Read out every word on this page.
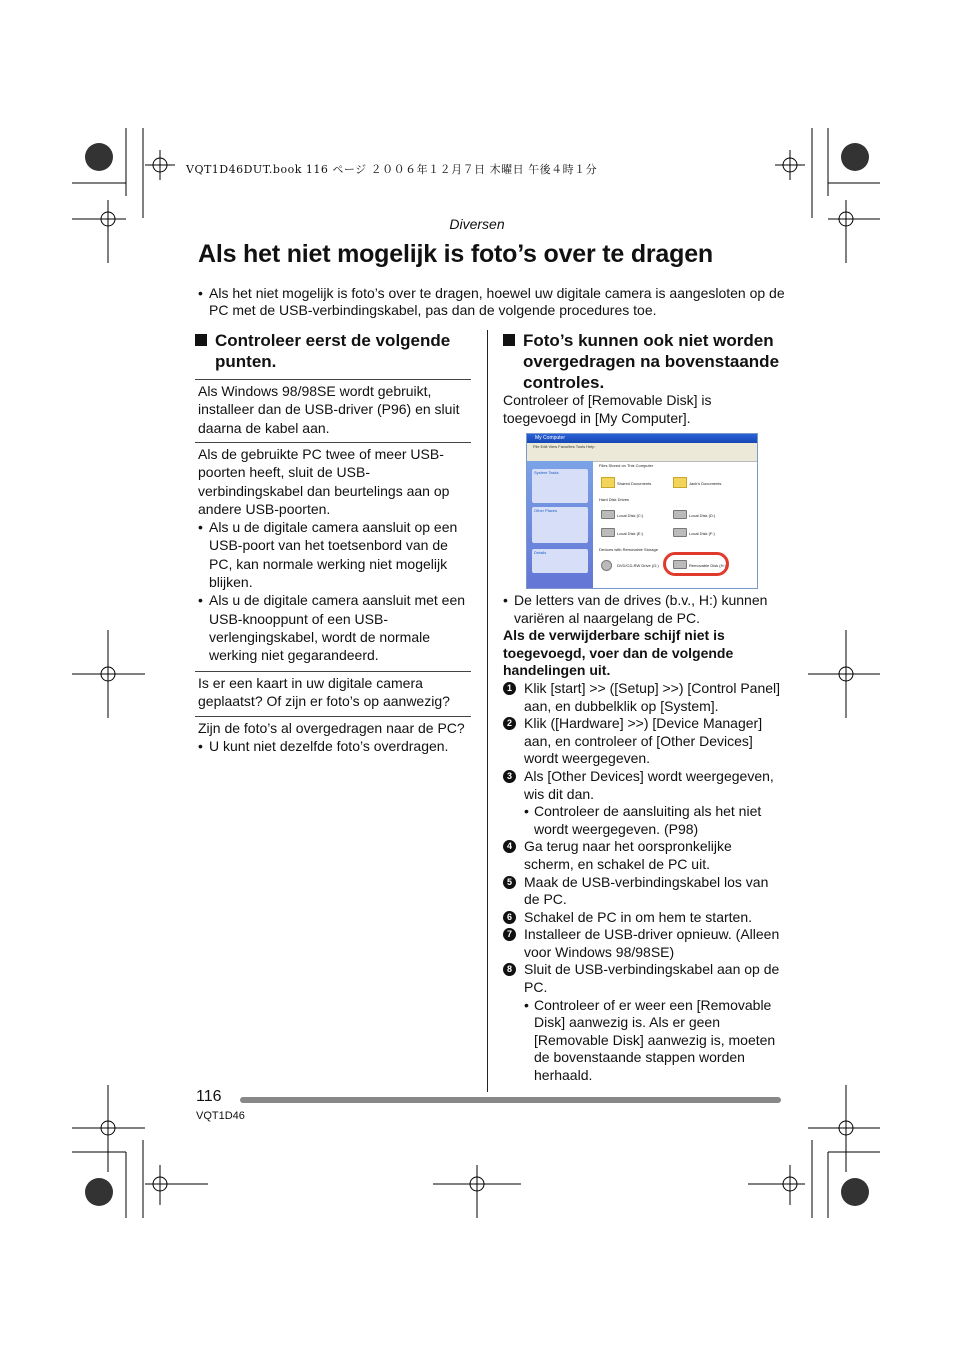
VQT1D46DUT.book 116 ページ ２００６年１２月７日 木曜日 午後４時１分
Diversen
Als het niet mogelijk is foto’s over te dragen
• Als het niet mogelijk is foto’s over te dragen, hoewel uw digitale camera is aangesloten op de PC met de USB-verbindingskabel, pas dan de volgende procedures toe.
Controleer eerst de volgende punten.

Als Windows 98/98SE wordt gebruikt, installeer dan de USB-driver (P96) en sluit daarna de kabel aan.

Als de gebruikte PC twee of meer USB-poorten heeft, sluit de USB-verbindingskabel dan beurtelings aan op andere USB-poorten.

• Als u de digitale camera aansluit op een USB-poort van het toetsenbord van de PC, kan normale werking niet mogelijk blijken.

• Als u de digitale camera aansluit met een USB-knooppunt of een USB-verlengingskabel, wordt de normale werking niet gegarandeerd.

Is er een kaart in uw digitale camera geplaatst? Of zijn er foto’s op aanwezig?

Zijn de foto’s al overgedragen naar de PC?

• U kunt niet dezelfde foto’s overdragen.

Foto’s kunnen ook niet worden overgedragen na bovenstaande controles.

Controleer of [Removable Disk] is toegevoegd in [My Computer].

My Computer
File Edit View Favorites Tools Help
System Tasks
Other Places
Details
Files Stored on This Computer
Shared Documents	Jack's Documents
Hard Disk Drives
Local Disk (C:)	Local Disk (D:)
Local Disk (E:)	Local Disk (F:)
Devices with Removable Storage
DVD/CD-RW Drive (G:)	Removable Disk (H:)

• De letters van de drives (b.v., H:) kunnen variëren al naargelang de PC.

Als de verwijderbare schijf niet is toegevoegd, voer dan de volgende handelingen uit.

1 Klik [start] >> ([Setup] >>) [Control Panel] aan, en dubbelklik op [System].

2 Klik ([Hardware] >>) [Device Manager] aan, en controleer of [Other Devices] wordt weergegeven.

3 Als [Other Devices] wordt weergegeven, wis dit dan.

• Controleer de aansluiting als het niet wordt weergegeven. (P98)

4 Ga terug naar het oorspronkelijke scherm, en schakel de PC uit.

5 Maak de USB-verbindingskabel los van de PC.

6 Schakel de PC in om hem te starten.

7 Installeer de USB-driver opnieuw. (Alleen voor Windows 98/98SE)

8 Sluit de USB-verbindingskabel aan op de PC.

• Controleer of er weer een [Removable Disk] aanwezig is. Als er geen [Removable Disk] aanwezig is, moeten de bovenstaande stappen worden herhaald.

116
VQT1D46
